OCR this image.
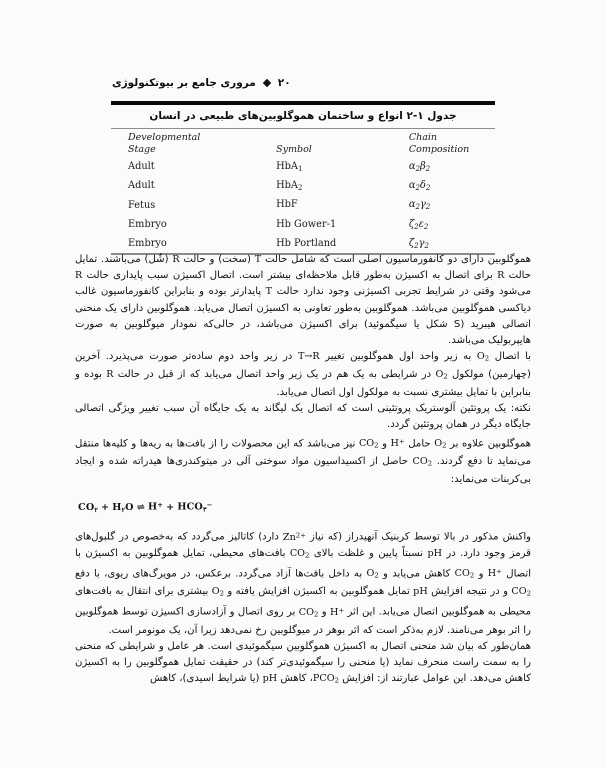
۲۰
مروری جامع بر بیوتکنولوژی
جدول ۱-۲ انواع و ساختمان هموگلوبین‌های طبیعی در انسان
Developmental
Stage	Symbol	Chain
Composition
Adult	HbA$_1$	$\alpha_2\beta_2$
Adult	HbA$_2$	$\alpha_2\delta_2$
Fetus	HbF	$\alpha_2\gamma_2$
Embryo	Hb Gower-1	$\zeta_2\varepsilon_2$
Embryo	Hb Portland	$\zeta_2\gamma_2$

هموگلوبین دارای دو کانفورماسیون اصلی است که شامل حالت T (سخت) و حالت R (شُل) می‌باشند. تمایل حالت R برای اتصال به اکسیژن به‌طور قابل ملاحظه‌ای بیشتر است. اتصال اکسیژن سبب پایداری حالت R می‌شود وقتی در شرایط تجربی اکسیژنی وجود ندارد حالت T پایدارتر بوده و بنابراین کانفورماسیون غالب دیاکسی هموگلوبین می‌باشد. هموگلوبین به‌طور تعاونی به اکسیژن اتصال می‌یابد. هموگلوبین دارای یک منحنی اتصالی هیبرید (S شکل یا سیگموئید) برای اکسیژن می‌باشد، در حالی‌که نمودار میوگلوبین به صورت هایپربولیک می‌باشد.

با اتصال $O_2$ به زیر واحد اول هموگلوبین تغییر T→R در زیر واحد دوم ساده‌تر صورت می‌پذیرد. آخرین (چهارمین) مولکول $O_2$ در شرایطی به یک هم در یک زیر واحد اتصال می‌یابد که از قبل در حالت R بوده و بنابراین با تمایل بیشتری نسبت به مولکول اول اتصال می‌یابد.

نکته: یک پروتئین آلوستریک پروتئینی است که اتصال یک لیگاند به یک جایگاه آن سبب تغییر ویژگی اتصالی جایگاه دیگر در همان پروتئین گردد.

هموگلوبین علاوه بر $O_2$ حامل H+ و $CO_2$ نیز می‌باشد که این محصولات را از بافت‌ها به ریه‌ها و کلیه‌ها منتقل می‌نماید تا دفع گردند. $CO_2$ حاصل از اکسیداسیون مواد سوختی آلی در میتوکندری‌ها هیدراته شده و ایجاد بی‌کربنات می‌نماید:

$CO_٢ + H_٢O$ ⇌ $H^+ + HCO_٣^-$

واکنش مذکور در بالا توسط کربنیک آنهیدراز (که نیاز $Zn^{2+}$ دارد) کاتالیز می‌گردد که به‌خصوص در گلبول‌های قرمز وجود دارد. در pH نسبتاً پایین و غلظت بالای $CO_2$ بافت‌های محیطی، تمایل هموگلوبین به اکسیژن با اتصال H+ و $CO_2$ کاهش می‌یابد و $O_2$ به داخل بافت‌ها آزاد می‌گردد. برعکس، در مویرگ‌های ریوی، با دفع $CO_2$ و در نتیجه افزایش pH تمایل هموگلوبین به اکسیژن افزایش یافته و $O_2$ بیشتری برای انتقال به بافت‌های محیطی به هموگلوبین اتصال می‌یابد. این اثر H+ و $CO_2$ بر روی اتصال و آزادسازی اکسیژن توسط هموگلوبین را اثر بوهر می‌نامند. لازم به‌ذکر است که اثر بوهر در میوگلوبین رخ نمی‌دهد زیرا آن، یک مونومر است.

همان‌طور که بیان شد منحنی اتصال به اکسیژن هموگلوبین سیگموئیدی است. هر عامل و شرایطی که منحنی را به سمت راست منحرف نماید (یا منحنی را سیگموئیدی‌تر کند) در حقیقت تمایل هموگلوبین را به اکسیژن کاهش می‌دهد. این عوامل عبارتند از: افزایش $PCO_2،$ کاهش pH (یا شرایط اسیدی)، کاهش
